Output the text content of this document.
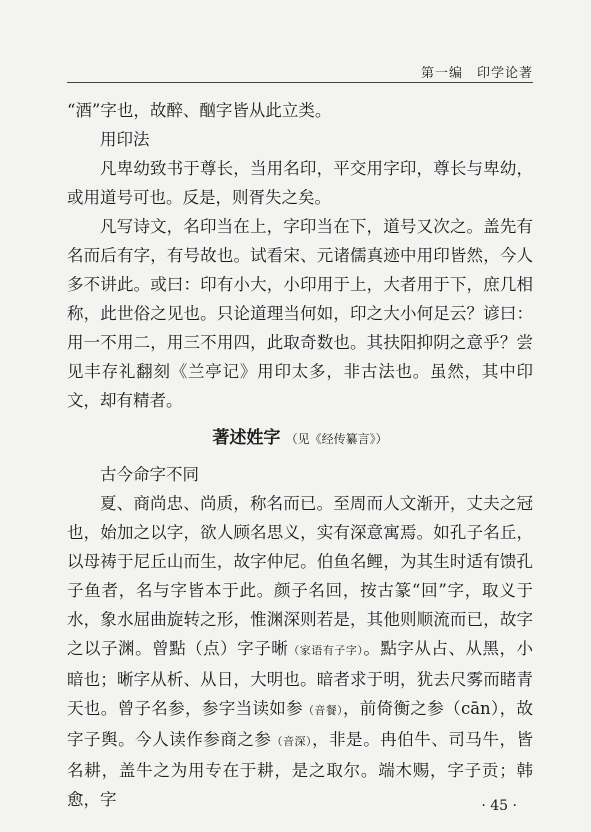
第一编　印学论著

“酒”字也，故醉、酗字皆从此立类。

用印法

凡卑幼致书于尊长，当用名印，平交用字印，尊长与卑幼，或用道号可也。反是，则胥失之矣。

凡写诗文，名印当在上，字印当在下，道号又次之。盖先有名而后有字，有号故也。试看宋、元诸儒真迹中用印皆然，今人多不讲此。或曰：印有小大，小印用于上，大者用于下，庶几相称，此世俗之见也。只论道理当何如，印之大小何足云？谚曰：用一不用二，用三不用四，此取奇数也。其扶阳抑阴之意乎？尝见丰存礼翻刻《兰亭记》用印太多，非古法也。虽然，其中印文，却有精者。

著述姓字 （见《经传纂言》）

古今命字不同

夏、商尚忠、尚质，称名而已。至周而人文渐开，丈夫之冠也，始加之以字，欲人顾名思义，实有深意寓焉。如孔子名丘，以母祷于尼丘山而生，故字仲尼。伯鱼名鲤，为其生时适有馈孔子鱼者，名与字皆本于此。颜子名回，按古篆“回”字，取义于水，象水屈曲旋转之形，惟渊深则若是，其他则顺流而已，故字之以子渊。曾點（点）字子晰（家语有子字）。點字从占、从黑，小暗也；晰字从析、从日，大明也。暗者求于明，犹去尺雾而睹青天也。曾子名参，参字当读如参（音餐），前倚衡之参（cān），故字子舆。今人读作参商之参（音深），非是。冉伯牛、司马牛，皆名耕，盖牛之为用专在于耕，是之取尔。端木赐，字子贡；韩愈，字	· 45 ·
